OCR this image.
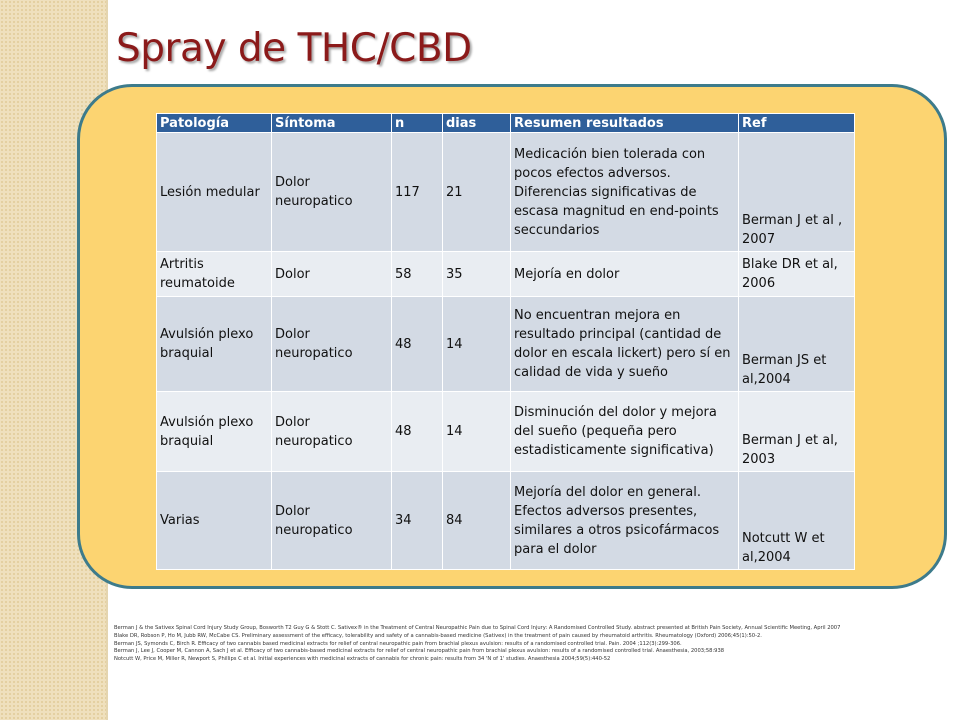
Spray de THC/CBD
Patología	Síntoma	n	dias	Resumen resultados	Ref
Lesión medular	Dolor neuropatico	117	21	Medicación bien tolerada con pocos efectos adversos. Diferencias significativas de escasa magnitud en end-points seccundarios	Berman J et al , 2007
Artritis reumatoide	Dolor	58	35	Mejoría en dolor	Blake DR et al, 2006
Avulsión plexo braquial	Dolor neuropatico	48	14	No encuentran mejora en resultado principal (cantidad de dolor en escala lickert) pero sí en calidad de vida y sueño	Berman JS et al,2004
Avulsión plexo braquial	Dolor neuropatico	48	14	Disminución del dolor y mejora del sueño (pequeña pero estadisticamente significativa)	Berman J et al, 2003
Varias	Dolor neuropatico	34	84	Mejoría del dolor en general. Efectos adversos presentes, similares a otros psicofármacos para el dolor	Notcutt W et al,2004
Berman J & the Sativex Spinal Cord Injury Study Group, Bosworth T2 Guy G & Stott C. Sativex® in the Treatment of Central Neuropathic Pain due to Spinal Cord Injury: A Randomised Controlled Study. abstract presented at British Pain Society, Annual Scientific Meeting, April 2007
Blake DR, Robson P, Ho M, Jubb RW, McCabe CS. Preliminary assessment of the efficacy, tolerability and safety of a cannabis-based medicine (Sativex) in the treatment of pain caused by rheumatoid arthritis. Rheumatology (Oxford) 2006;45(1):50-2.
Berman JS, Symonds C, Birch R. Efficacy of two cannabis based medicinal extracts for relief of central neuropathic pain from brachial plexus avulsion: results of a randomised controlled trial. Pain. 2004 ;112(3):299-306.
Berman J, Lee J, Cooper M, Cannon A, Sach J et al. Efficacy of two cannabis-based medicinal extracts for relief of central neuropathic pain from brachial plexus avulsion: results of a randomised controlled trial. Anaesthesia, 2003;58:938
Notcutt W, Price M, Miller R, Newport S, Phillips C et al. Initial experiences with medicinal extracts of cannabis for chronic pain: results from 34 'N of 1' studies. Anaesthesia 2004;59(5):440-52
